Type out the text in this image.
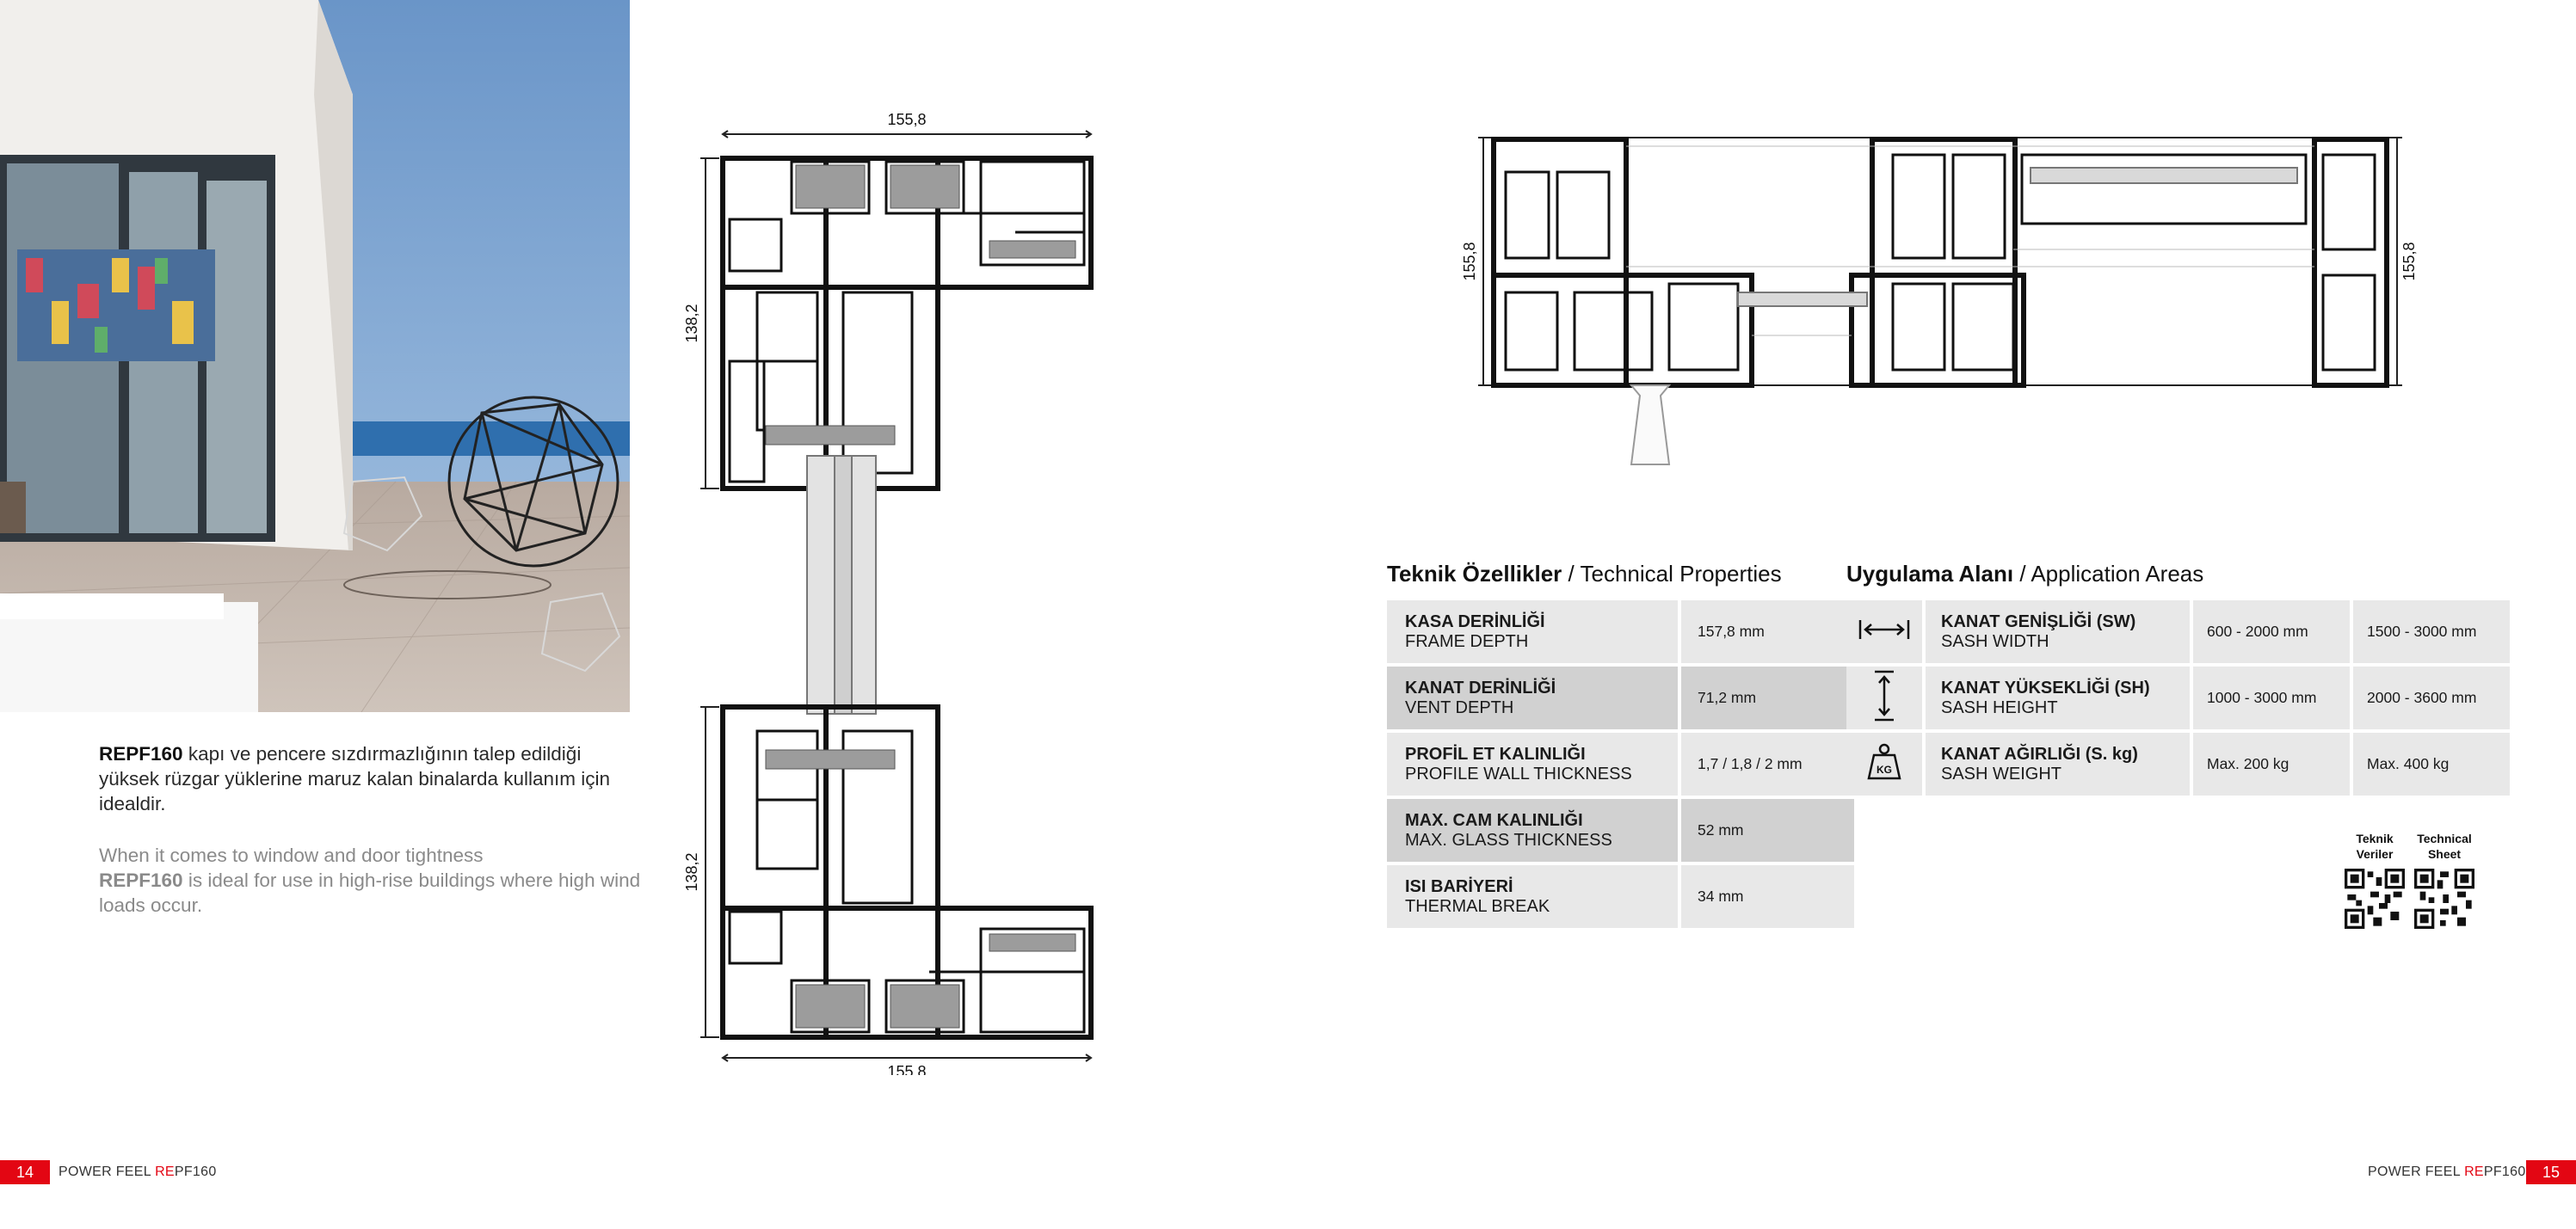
REPF160 kapı ve pencere sızdırmazlığının talep edildiği yüksek rüzgar yüklerine maruz kalan binalarda kullanım için idealdir.
When it comes to window and door tightness
REPF160 is ideal for use in high-rise buildings where high wind loads occur.
155,8
155,8
138,2
138,2
155,8	155,8
Teknik Özellikler / Technical Properties
KASA DERİNLİĞİ
FRAME DEPTH	157,8 mm
KANAT DERİNLİĞİ
VENT DEPTH	71,2 mm
PROFİL ET KALINLIĞI
PROFILE WALL THICKNESS	1,7 / 1,8 / 2 mm
MAX. CAM KALINLIĞI
MAX. GLASS THICKNESS	52 mm
ISI BARİYERİ
THERMAL BREAK	34 mm
Uygulama Alanı / Application Areas
	KANAT GENİŞLİĞİ (SW)
SASH WIDTH	600 - 2000 mm	1500 - 3000 mm
	KANAT YÜKSEKLİĞİ (SH)
SASH HEIGHT	1000 - 3000 mm	2000 - 3600 mm

KG	KANAT AĞIRLIĞI (S. kg)
SASH WEIGHT	Max. 200 kg	Max. 400 kg
Teknik
Veriler
Technical
Sheet
14	POWER FEEL REPF160	POWER FEEL REPF160	15
